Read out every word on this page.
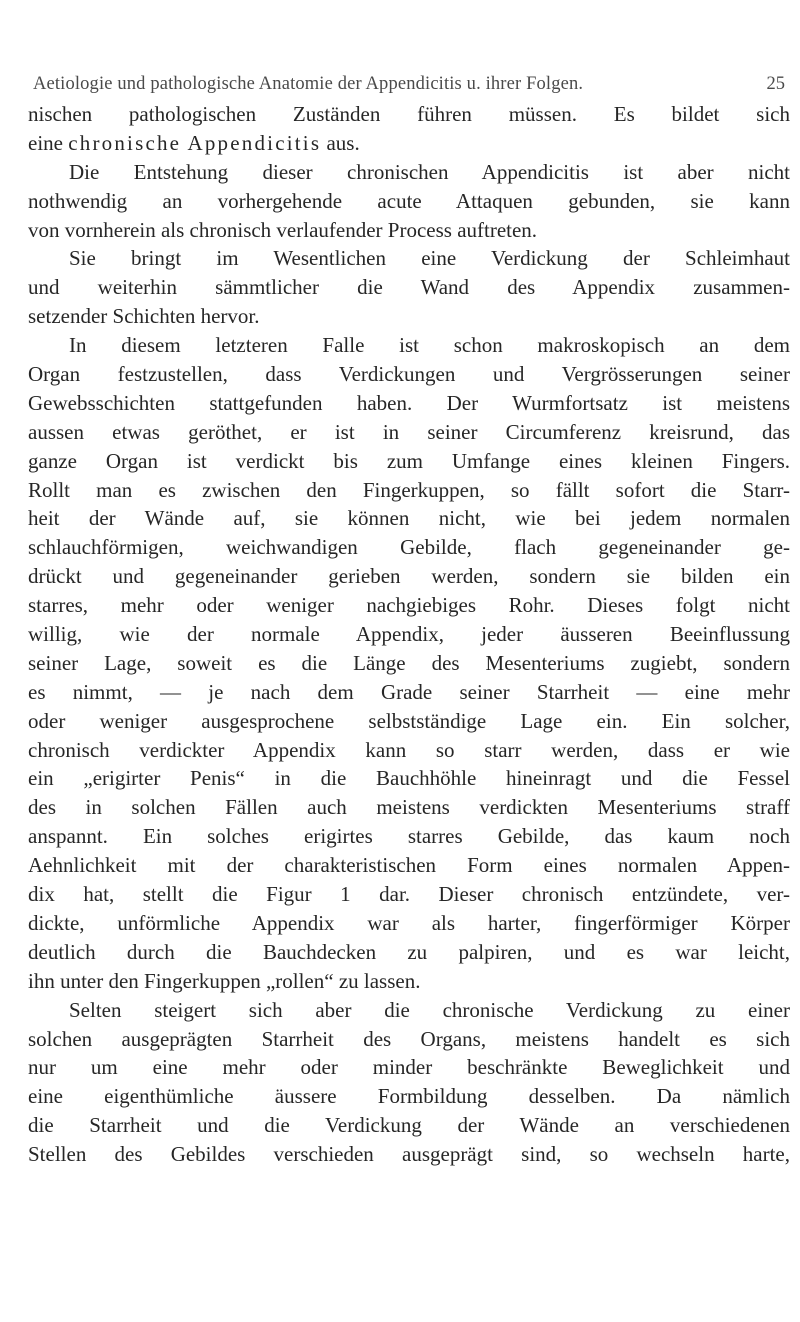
Aetiologie und pathologische Anatomie der Appendicitis u. ihrer Folgen.	25
nischen pathologischen Zuständen führen müssen. Es bildet sich
eine chronische Appendicitis aus.
Die Entstehung dieser chronischen Appendicitis ist aber nicht
nothwendig an vorhergehende acute Attaquen gebunden, sie kann
von vornherein als chronisch verlaufender Process auftreten.
Sie bringt im Wesentlichen eine Verdickung der Schleimhaut
und weiterhin sämmtlicher die Wand des Appendix zusammen-
setzender Schichten hervor.
In diesem letzteren Falle ist schon makroskopisch an dem
Organ festzustellen, dass Verdickungen und Vergrösserungen seiner
Gewebsschichten stattgefunden haben. Der Wurmfortsatz ist meistens
aussen etwas geröthet, er ist in seiner Circumferenz kreisrund, das
ganze Organ ist verdickt bis zum Umfange eines kleinen Fingers.
Rollt man es zwischen den Fingerkuppen, so fällt sofort die Starr-
heit der Wände auf, sie können nicht, wie bei jedem normalen
schlauchförmigen, weichwandigen Gebilde, flach gegeneinander ge-
drückt und gegeneinander gerieben werden, sondern sie bilden ein
starres, mehr oder weniger nachgiebiges Rohr. Dieses folgt nicht
willig, wie der normale Appendix, jeder äusseren Beeinflussung
seiner Lage, soweit es die Länge des Mesenteriums zugiebt, sondern
es nimmt, — je nach dem Grade seiner Starrheit — eine mehr
oder weniger ausgesprochene selbstständige Lage ein. Ein solcher,
chronisch verdickter Appendix kann so starr werden, dass er wie
ein „erigirter Penis“ in die Bauchhöhle hineinragt und die Fessel
des in solchen Fällen auch meistens verdickten Mesenteriums straff
anspannt. Ein solches erigirtes starres Gebilde, das kaum noch
Aehnlichkeit mit der charakteristischen Form eines normalen Appen-
dix hat, stellt die Figur 1 dar. Dieser chronisch entzündete, ver-
dickte, unförmliche Appendix war als harter, fingerförmiger Körper
deutlich durch die Bauchdecken zu palpiren, und es war leicht,
ihn unter den Fingerkuppen „rollen“ zu lassen.
Selten steigert sich aber die chronische Verdickung zu einer
solchen ausgeprägten Starrheit des Organs, meistens handelt es sich
nur um eine mehr oder minder beschränkte Beweglichkeit und
eine eigenthümliche äussere Formbildung desselben. Da nämlich
die Starrheit und die Verdickung der Wände an verschiedenen
Stellen des Gebildes verschieden ausgeprägt sind, so wechseln harte,
